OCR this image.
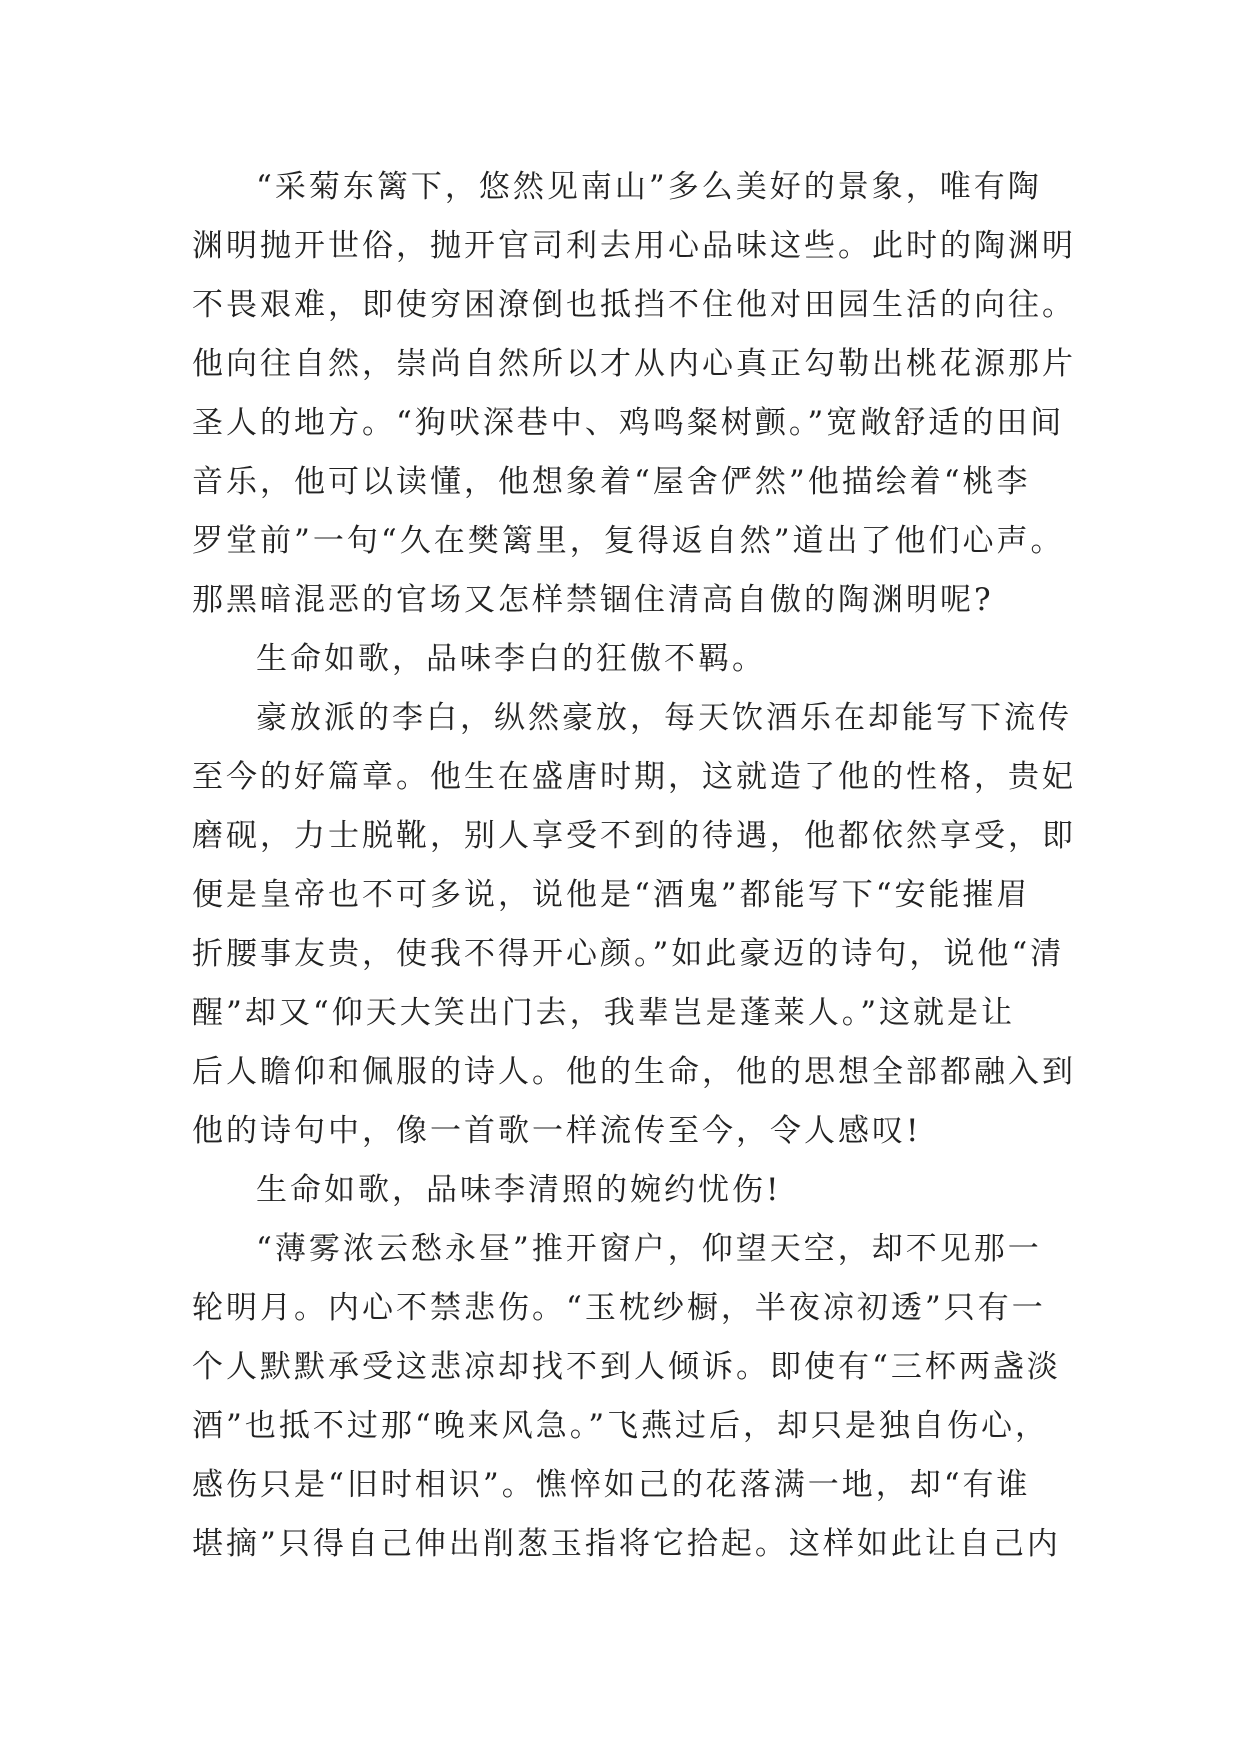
“采菊东篱下，悠然见南山”多么美好的景象，唯有陶
渊明抛开世俗，抛开官司利去用心品味这些。此时的陶渊明
不畏艰难，即使穷困潦倒也抵挡不住他对田园生活的向往。
他向往自然，崇尚自然所以才从内心真正勾勒出桃花源那片
圣人的地方。“狗吠深巷中、鸡鸣粲树颤。”宽敞舒适的田间
音乐，他可以读懂，他想象着“屋舍俨然”他描绘着“桃李
罗堂前”一句“久在樊篱里，复得返自然”道出了他们心声。
那黑暗混恶的官场又怎样禁锢住清高自傲的陶渊明呢?
生命如歌，品味李白的狂傲不羁。
豪放派的李白，纵然豪放，每天饮酒乐在却能写下流传
至今的好篇章。他生在盛唐时期，这就造了他的性格，贵妃
磨砚，力士脱靴，别人享受不到的待遇，他都依然享受，即
便是皇帝也不可多说，说他是“酒鬼”都能写下“安能摧眉
折腰事友贵，使我不得开心颜。”如此豪迈的诗句，说他“清
醒”却又“仰天大笑出门去，我辈岂是蓬莱人。”这就是让
后人瞻仰和佩服的诗人。他的生命，他的思想全部都融入到
他的诗句中，像一首歌一样流传至今，令人感叹!
生命如歌，品味李清照的婉约忧伤!
“薄雾浓云愁永昼”推开窗户，仰望天空，却不见那一
轮明月。内心不禁悲伤。“玉枕纱橱，半夜凉初透”只有一
个人默默承受这悲凉却找不到人倾诉。即使有“三杯两盏淡
酒”也抵不过那“晚来风急。”飞燕过后，却只是独自伤心，
感伤只是“旧时相识”。憔悴如己的花落满一地，却“有谁
堪摘”只得自己伸出削葱玉指将它拾起。这样如此让自己内
